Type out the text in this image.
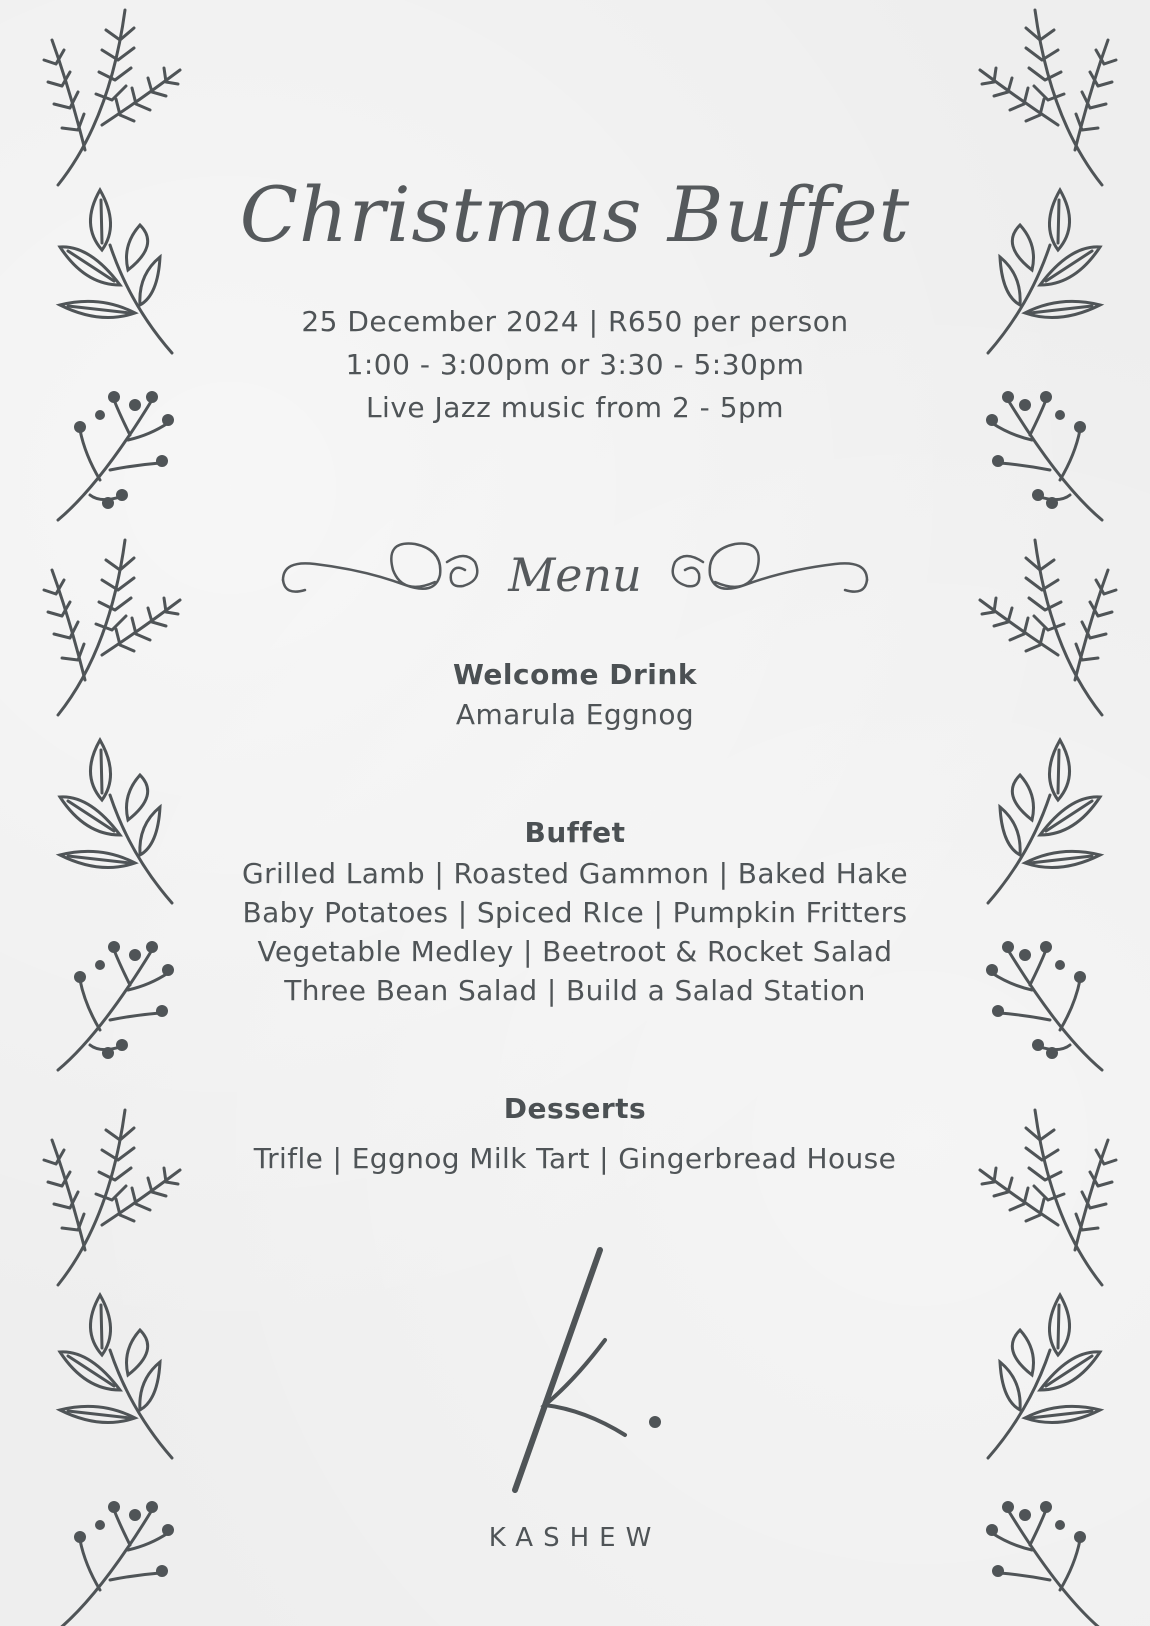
Christmas Buffet
25 December 2024 | R650 per person
1:00 - 3:00pm or 3:30 - 5:30pm
Live Jazz music from 2 - 5pm
Menu
Welcome Drink
Amarula Eggnog
Buffet
Grilled Lamb | Roasted Gammon | Baked Hake
Baby Potatoes | Spiced RIce | Pumpkin Fritters
Vegetable Medley | Beetroot & Rocket Salad
Three Bean Salad | Build a Salad Station
Desserts
Trifle | Eggnog Milk Tart | Gingerbread House
KASHEW
